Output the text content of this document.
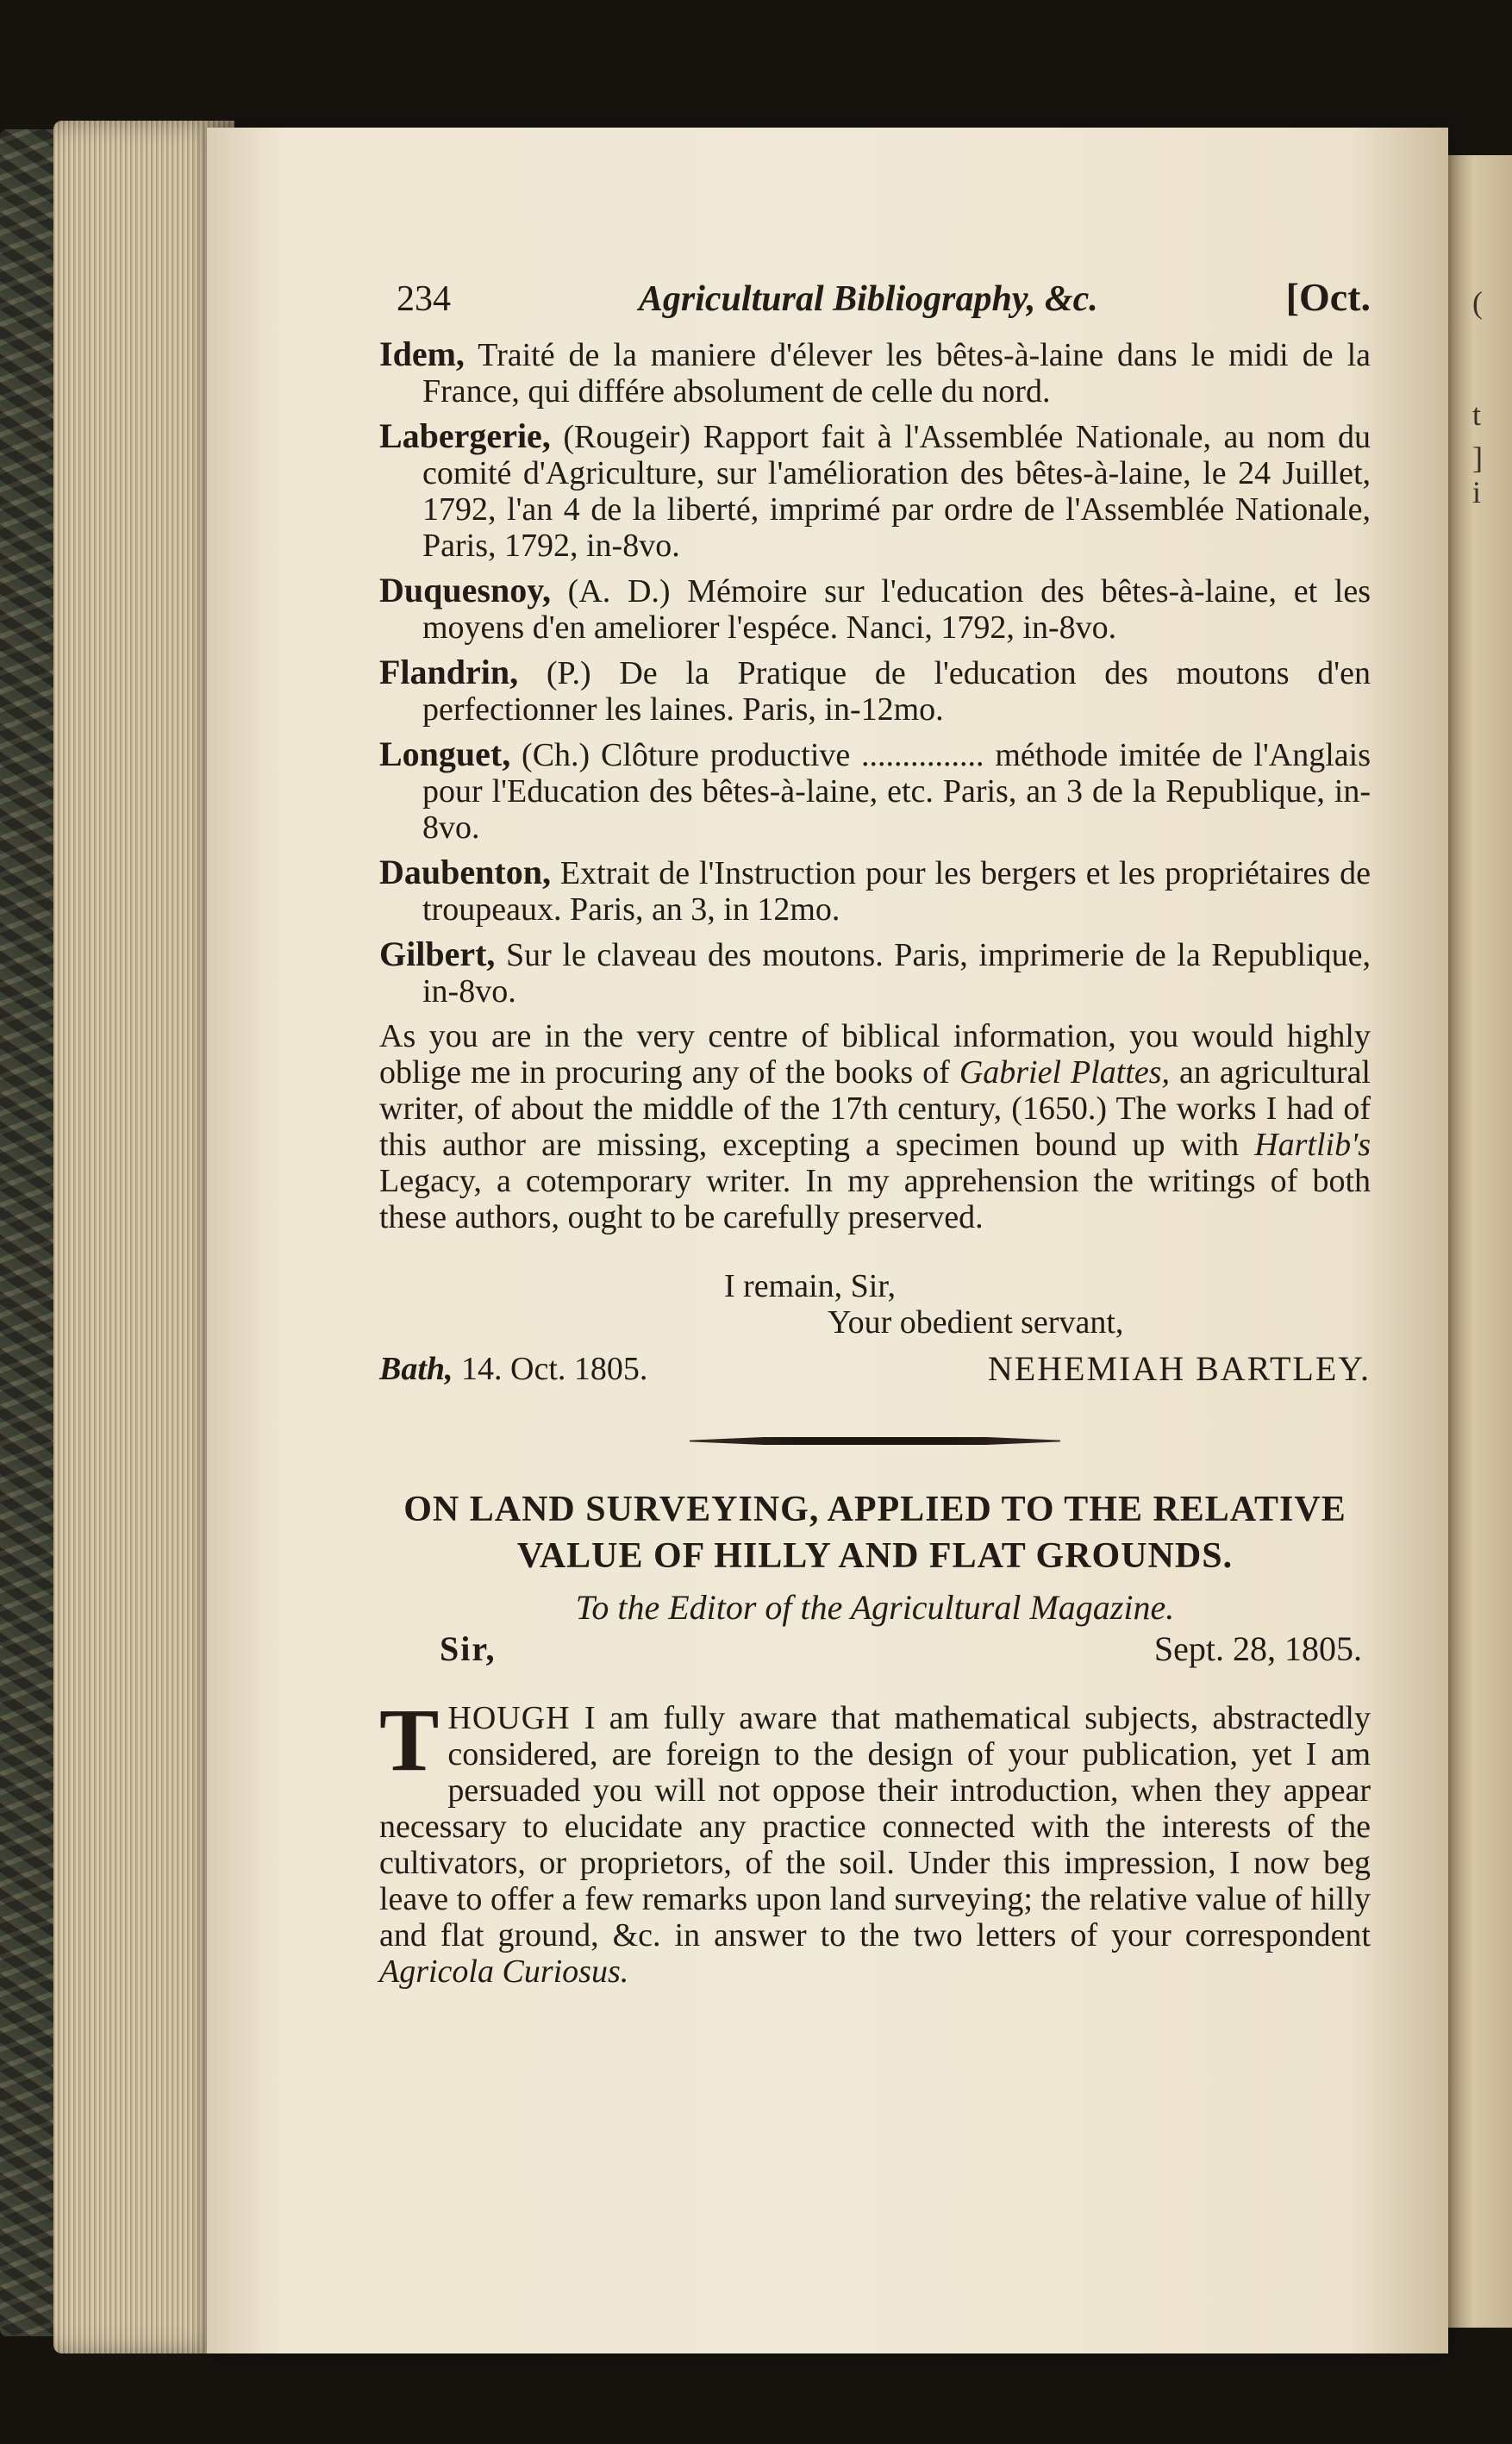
(
t
]
i
234	Agricultural Bibliography, &c.	[Oct.

Idem, Traité de la maniere d'élever les bêtes-à-laine dans le midi de la France, qui différe absolument de celle du nord.

Labergerie, (Rougeir) Rapport fait à l'Assemblée Nationale, au nom du comité d'Agriculture, sur l'amélioration des bêtes-à-laine, le 24 Juillet, 1792, l'an 4 de la liberté, imprimé par ordre de l'Assemblée Nationale, Paris, 1792, in-8vo.

Duquesnoy, (A. D.) Mémoire sur l'education des bêtes-à-laine, et les moyens d'en ameliorer l'espéce. Nanci, 1792, in-8vo.

Flandrin, (P.) De la Pratique de l'education des moutons d'en perfectionner les laines. Paris, in-12mo.

Longuet, (Ch.) Clôture productive ............... méthode imitée de l'Anglais pour l'Education des bêtes-à-laine, etc. Paris, an 3 de la Republique, in-8vo.

Daubenton, Extrait de l'Instruction pour les bergers et les propriétaires de troupeaux. Paris, an 3, in 12mo.

Gilbert, Sur le claveau des moutons. Paris, imprimerie de la Republique, in-8vo.

As you are in the very centre of biblical information, you would highly oblige me in procuring any of the books of Gabriel Plattes, an agricultural writer, of about the middle of the 17th century, (1650.) The works I had of this author are missing, excepting a specimen bound up with Hartlib's Legacy, a cotemporary writer. In my apprehension the writings of both these authors, ought to be carefully preserved.

I remain, Sir,
Your obedient servant,
Bath, 14. Oct. 1805.	NEHEMIAH BARTLEY.
ON LAND SURVEYING, APPLIED TO THE RELATIVE VALUE OF HILLY AND FLAT GROUNDS.
To the Editor of the Agricultural Magazine.
Sir,	Sept. 28, 1805.

T HOUGH I am fully aware that mathematical subjects, abstractedly considered, are foreign to the design of your publication, yet I am persuaded you will not oppose their introduction, when they appear necessary to elucidate any practice connected with the interests of the cultivators, or proprietors, of the soil. Under this impression, I now beg leave to offer a few remarks upon land surveying; the relative value of hilly and flat ground, &c. in answer to the two letters of your correspondent Agricola Curiosus.
